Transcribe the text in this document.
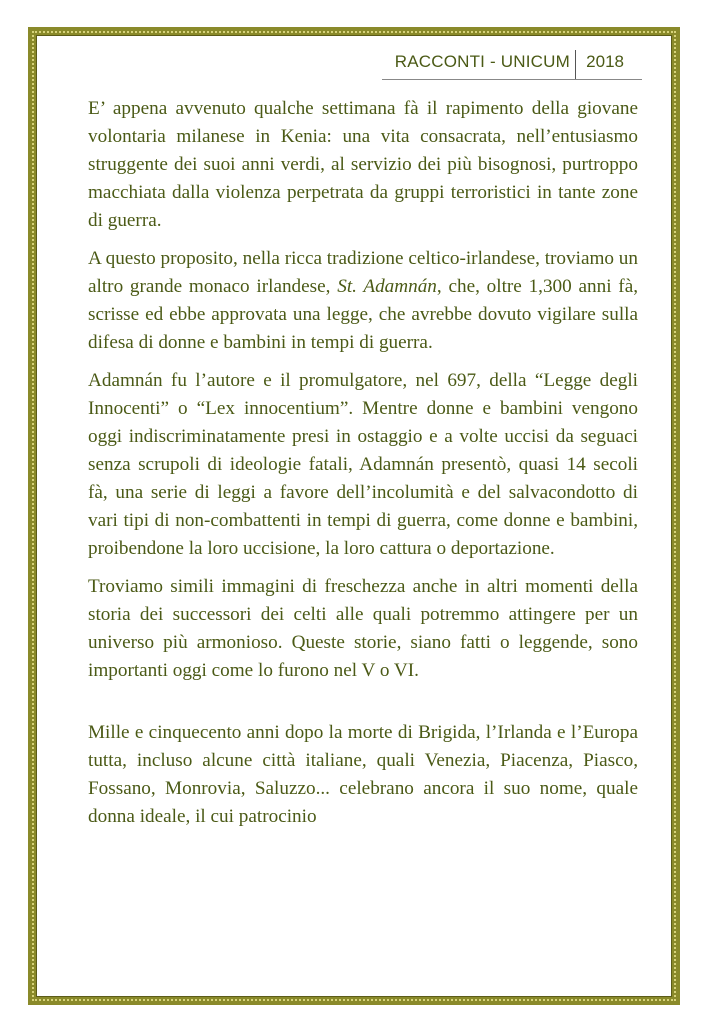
RACCONTI - UNICUM 2018

E’ appena avvenuto qualche settimana fà il rapimento della giovane volontaria milanese in Kenia: una vita consacrata, nell’entusiasmo struggente dei suoi anni verdi, al servizio dei più bisognosi, purtroppo macchiata dalla violenza perpetrata da gruppi terroristici in tante zone di guerra.

A questo proposito, nella ricca tradizione celtico-irlandese, troviamo un altro grande monaco irlandese, St. Adamnán, che, oltre 1,300 anni fà, scrisse ed ebbe approvata una legge, che avrebbe dovuto vigilare sulla difesa di donne e bambini in tempi di guerra.

Adamnán fu l’autore e il promulgatore, nel 697, della “Legge degli Innocenti” o “Lex innocentium”. Mentre donne e bambini vengono oggi indiscriminatamente presi in ostaggio e a volte uccisi da seguaci senza scrupoli di ideologie fatali, Adamnán presentò, quasi 14 secoli fà, una serie di leggi a favore dell’incolumità e del salvacondotto di vari tipi di non-combattenti in tempi di guerra, come donne e bambini, proibendone la loro uccisione, la loro cattura o deportazione.

Troviamo simili immagini di freschezza anche in altri momenti della storia dei successori dei celti alle quali potremmo attingere per un universo più armonioso. Queste storie, siano fatti o leggende, sono importanti oggi come lo furono nel V o VI.

Mille e cinquecento anni dopo la morte di Brigida, l’Irlanda e l’Europa tutta, incluso alcune città italiane, quali Venezia, Piacenza, Piasco, Fossano, Monrovia, Saluzzo... celebrano ancora il suo nome, quale donna ideale, il cui patrocinio
